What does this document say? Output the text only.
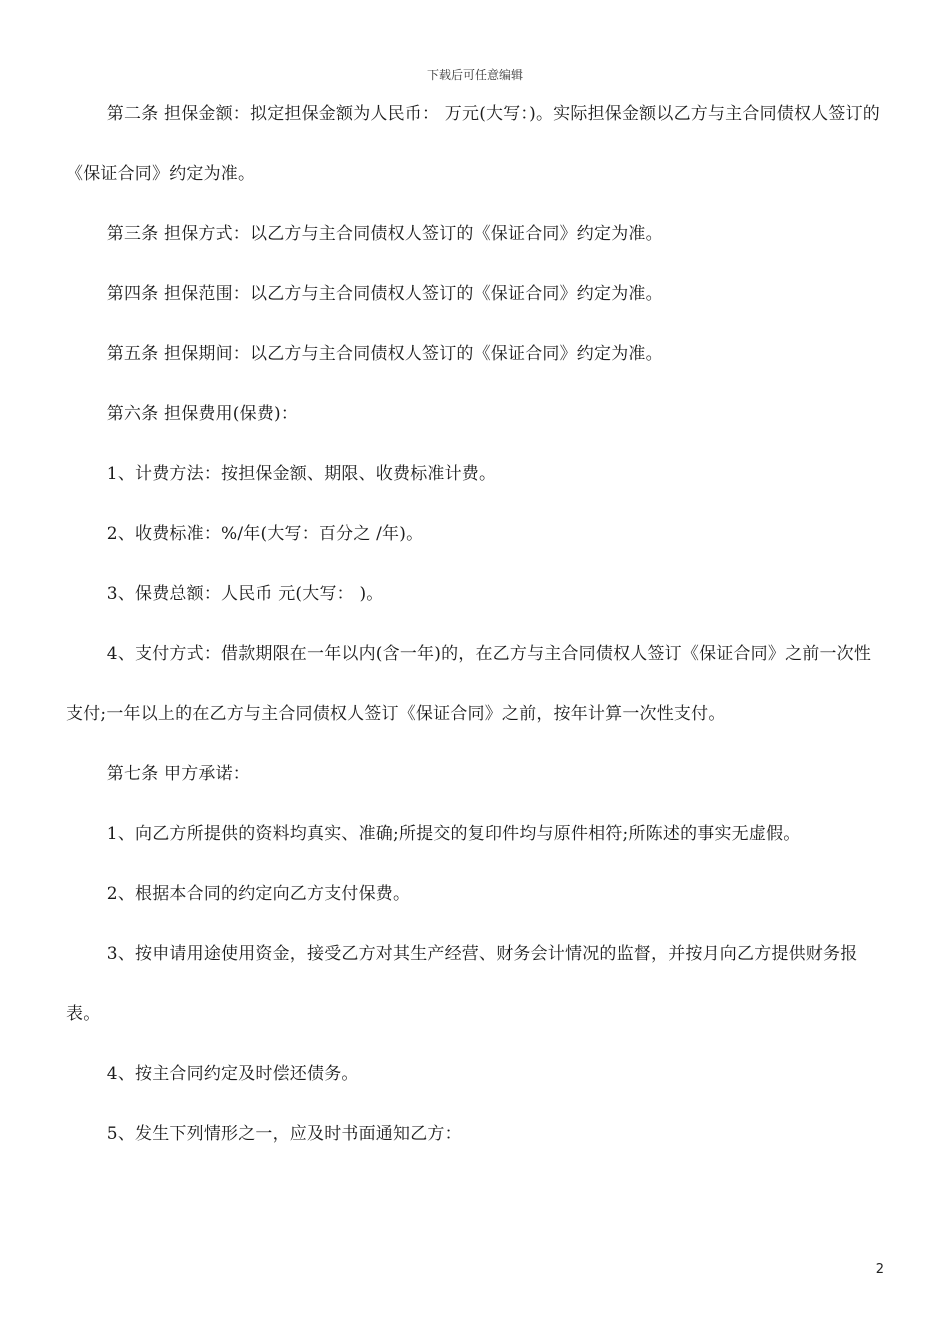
下载后可任意编辑

第二条 担保金额：拟定担保金额为人民币： 万元(大写：)。实际担保金额以乙方与主合同债权人签订的《保证合同》约定为准。

第三条 担保方式：以乙方与主合同债权人签订的《保证合同》约定为准。

第四条 担保范围：以乙方与主合同债权人签订的《保证合同》约定为准。

第五条 担保期间：以乙方与主合同债权人签订的《保证合同》约定为准。

第六条 担保费用(保费)：

1、计费方法：按担保金额、期限、收费标准计费。

2、收费标准：%/年(大写：百分之 /年)。

3、保费总额：人民币 元(大写： )。

4、支付方式：借款期限在一年以内(含一年)的，在乙方与主合同债权人签订《保证合同》之前一次性支付;一年以上的在乙方与主合同债权人签订《保证合同》之前，按年计算一次性支付。

第七条 甲方承诺：

1、向乙方所提供的资料均真实、准确;所提交的复印件均与原件相符;所陈述的事实无虚假。

2、根据本合同的约定向乙方支付保费。

3、按申请用途使用资金，接受乙方对其生产经营、财务会计情况的监督，并按月向乙方提供财务报表。

4、按主合同约定及时偿还债务。

5、发生下列情形之一，应及时书面通知乙方：

2
